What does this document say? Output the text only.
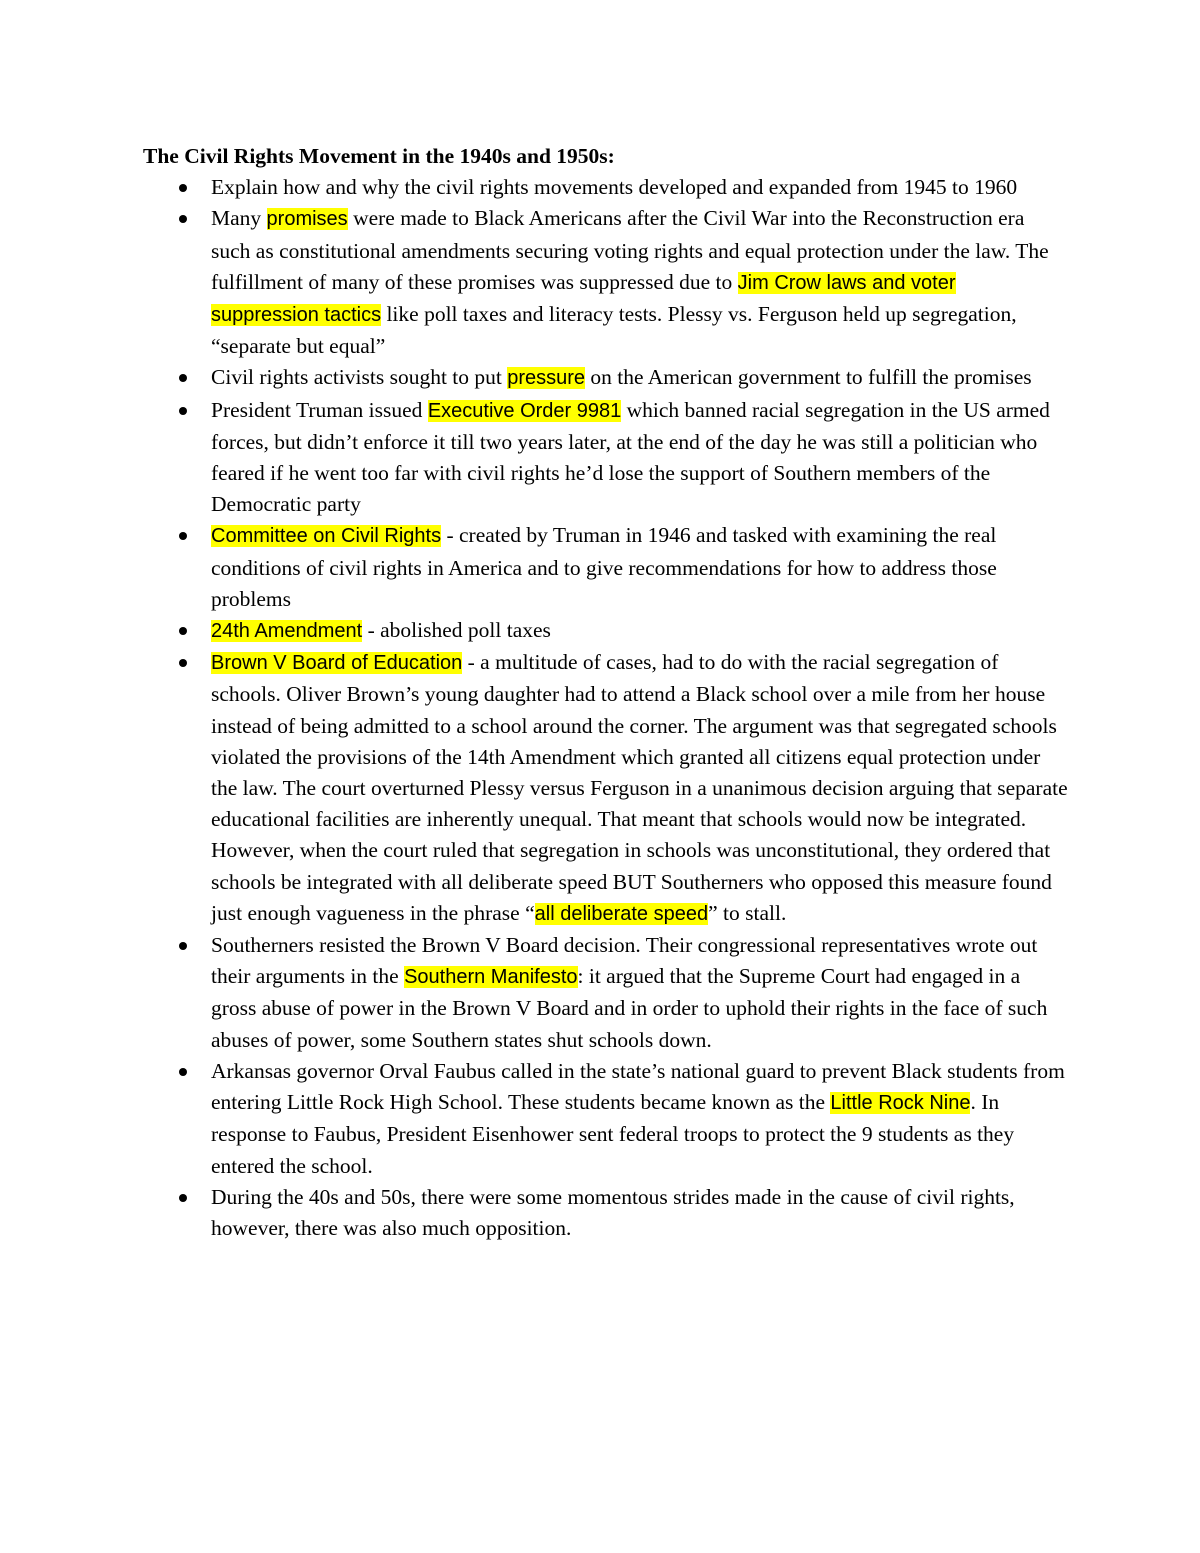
The Civil Rights Movement in the 1940s and 1950s:

Explain how and why the civil rights movements developed and expanded from 1945 to 1960
Many promises were made to Black Americans after the Civil War into the Reconstruction era such as constitutional amendments securing voting rights and equal protection under the law. The fulfillment of many of these promises was suppressed due to Jim Crow laws and voter suppression tactics like poll taxes and literacy tests. Plessy vs. Ferguson held up segregation, “separate but equal”
Civil rights activists sought to put pressure on the American government to fulfill the promises
President Truman issued Executive Order 9981 which banned racial segregation in the US armed forces, but didn’t enforce it till two years later, at the end of the day he was still a politician who feared if he went too far with civil rights he’d lose the support of Southern members of the Democratic party
Committee on Civil Rights - created by Truman in 1946 and tasked with examining the real conditions of civil rights in America and to give recommendations for how to address those problems
24th Amendment - abolished poll taxes
Brown V Board of Education - a multitude of cases, had to do with the racial segregation of schools. Oliver Brown’s young daughter had to attend a Black school over a mile from her house instead of being admitted to a school around the corner. The argument was that segregated schools violated the provisions of the 14th Amendment which granted all citizens equal protection under the law. The court overturned Plessy versus Ferguson in a unanimous decision arguing that separate educational facilities are inherently unequal. That meant that schools would now be integrated. However, when the court ruled that segregation in schools was unconstitutional, they ordered that schools be integrated with all deliberate speed BUT Southerners who opposed this measure found just enough vagueness in the phrase “all deliberate speed” to stall.
Southerners resisted the Brown V Board decision. Their congressional representatives wrote out their arguments in the Southern Manifesto: it argued that the Supreme Court had engaged in a gross abuse of power in the Brown V Board and in order to uphold their rights in the face of such abuses of power, some Southern states shut schools down.
Arkansas governor Orval Faubus called in the state’s national guard to prevent Black students from entering Little Rock High School. These students became known as the Little Rock Nine. In response to Faubus, President Eisenhower sent federal troops to protect the 9 students as they entered the school.
During the 40s and 50s, there were some momentous strides made in the cause of civil rights, however, there was also much opposition.
